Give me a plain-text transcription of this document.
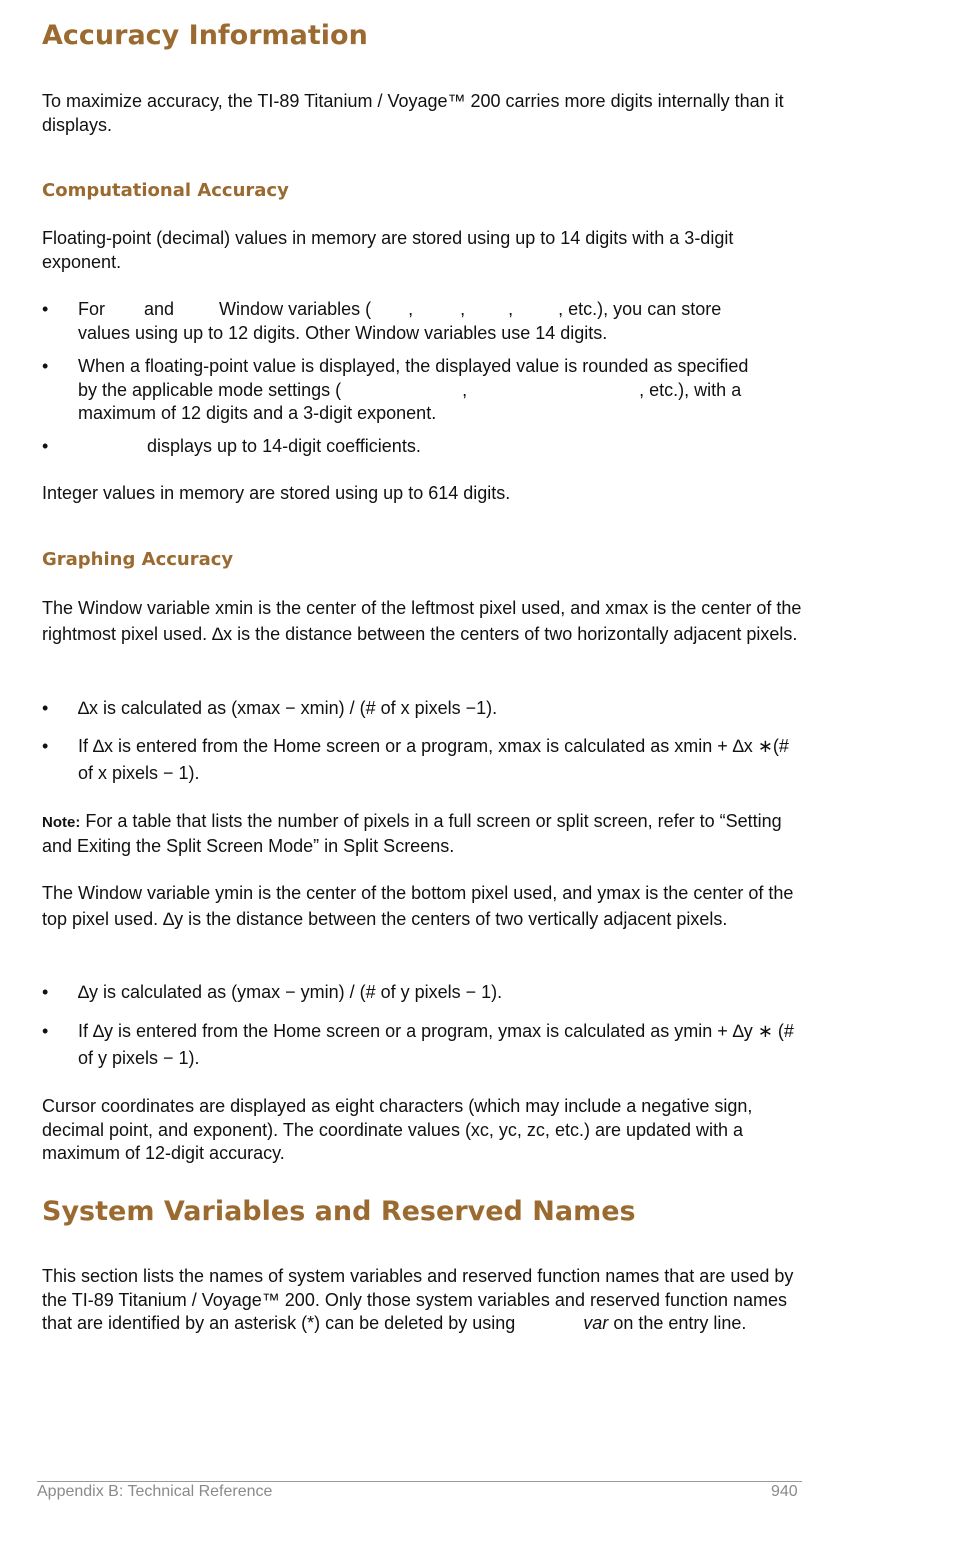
Accuracy Information

To maximize accuracy, the TI-89 Titanium / Voyage™ 200 carries more digits internally than it displays.

Computational Accuracy

Floating-point (decimal) values in memory are stored using up to 14 digits with a 3-digit exponent.

• For and	Window variables ( ,	, ,	, etc.), you can store
values using up to 12 digits. Other Window variables use 14 digits.
• When a floating-point value is displayed, the displayed value is rounded as specified
by the applicable mode settings (	,	, etc.), with a
maximum of 12 digits and a 3-digit exponent.
•	displays up to 14-digit coefficients.

Integer values in memory are stored using up to 614 digits.

Graphing Accuracy

The Window variable xmin is the center of the leftmost pixel used, and xmax is the center of the rightmost pixel used. ∆x is the distance between the centers of two horizontally adjacent pixels.

• ∆x is calculated as (xmax − xmin) / (# of x pixels −1).
• If ∆x is entered from the Home screen or a program, xmax is calculated as xmin + ∆x ∗(# of x pixels − 1).

Note: For a table that lists the number of pixels in a full screen or split screen, refer to “Setting and Exiting the Split Screen Mode” in Split Screens.

The Window variable ymin is the center of the bottom pixel used, and ymax is the center of the top pixel used. ∆y is the distance between the centers of two vertically adjacent pixels.

• ∆y is calculated as (ymax − ymin) / (# of y pixels − 1).
• If ∆y is entered from the Home screen or a program, ymax is calculated as ymin + ∆y ∗ (# of y pixels − 1).

Cursor coordinates are displayed as eight characters (which may include a negative sign, decimal point, and exponent). The coordinate values (xc, yc, zc, etc.) are updated with a maximum of 12-digit accuracy.

System Variables and Reserved Names

This section lists the names of system variables and reserved function names that are used by the TI-89 Titanium / Voyage™ 200. Only those system variables and reserved function names that are identified by an asterisk (*) can be deleted by using	var on the entry line.

Appendix B: Technical Reference	940
